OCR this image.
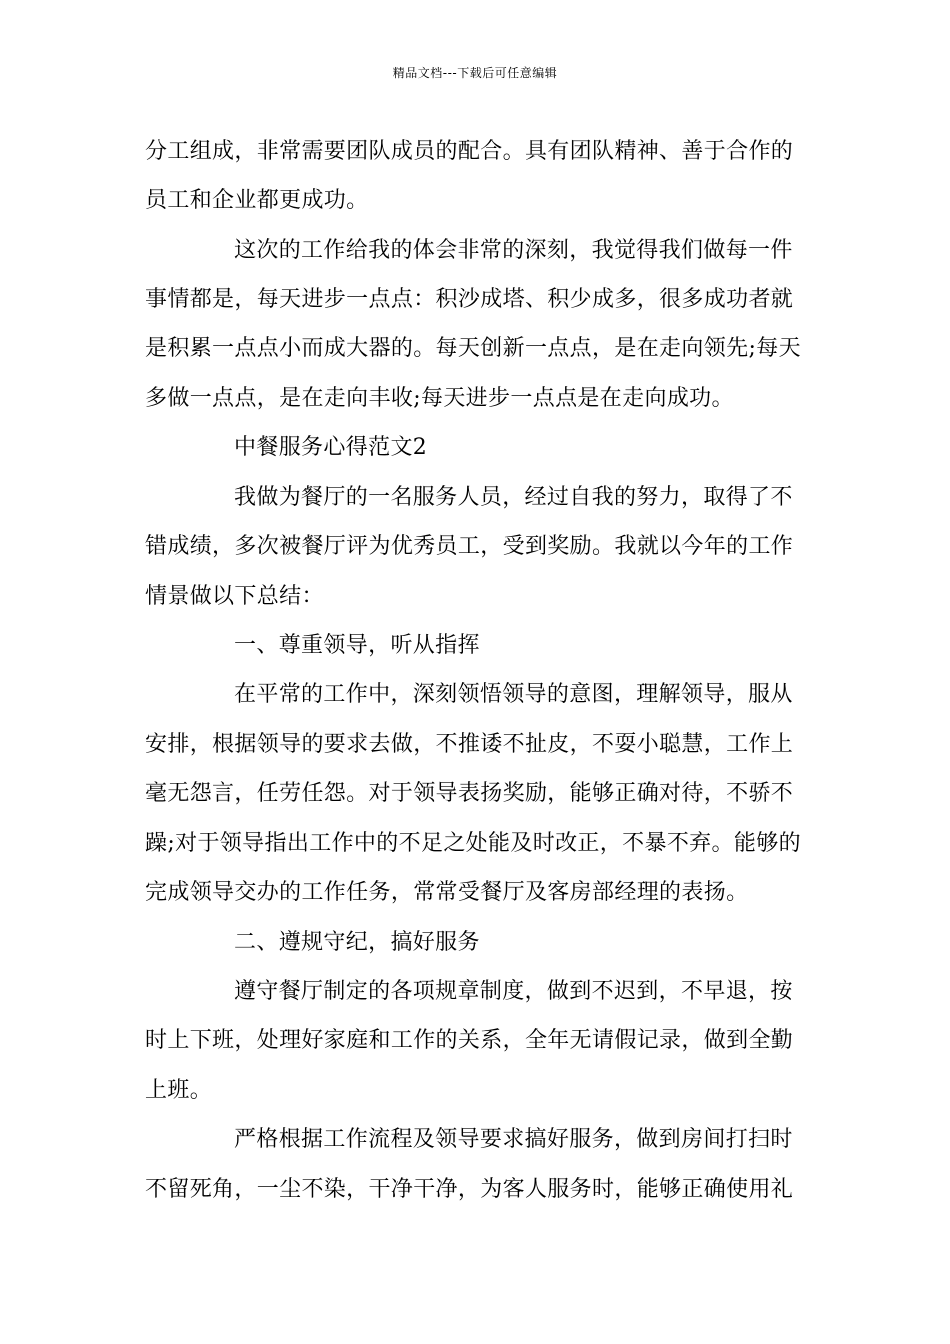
精品文档---下载后可任意编辑
分工组成，非常需要团队成员的配合。具有团队精神、善于合作的
员工和企业都更成功。
这次的工作给我的体会非常的深刻，我觉得我们做每一件
事情都是，每天进步一点点：积沙成塔、积少成多，很多成功者就
是积累一点点小而成大器的。每天创新一点点，是在走向领先;每天
多做一点点，是在走向丰收;每天进步一点点是在走向成功。
中餐服务心得范文2
我做为餐厅的一名服务人员，经过自我的努力，取得了不
错成绩，多次被餐厅评为优秀员工，受到奖励。我就以今年的工作
情景做以下总结：
一、尊重领导，听从指挥
在平常的工作中，深刻领悟领导的意图，理解领导，服从
安排，根据领导的要求去做，不推诿不扯皮，不耍小聪慧，工作上
毫无怨言，任劳任怨。对于领导表扬奖励，能够正确对待，不骄不
躁;对于领导指出工作中的不足之处能及时改正，不暴不弃。能够的
完成领导交办的工作任务，常常受餐厅及客房部经理的表扬。
二、遵规守纪，搞好服务
遵守餐厅制定的各项规章制度，做到不迟到，不早退，按
时上下班，处理好家庭和工作的关系，全年无请假记录，做到全勤
上班。
严格根据工作流程及领导要求搞好服务，做到房间打扫时
不留死角，一尘不染，干净干净，为客人服务时，能够正确使用礼
